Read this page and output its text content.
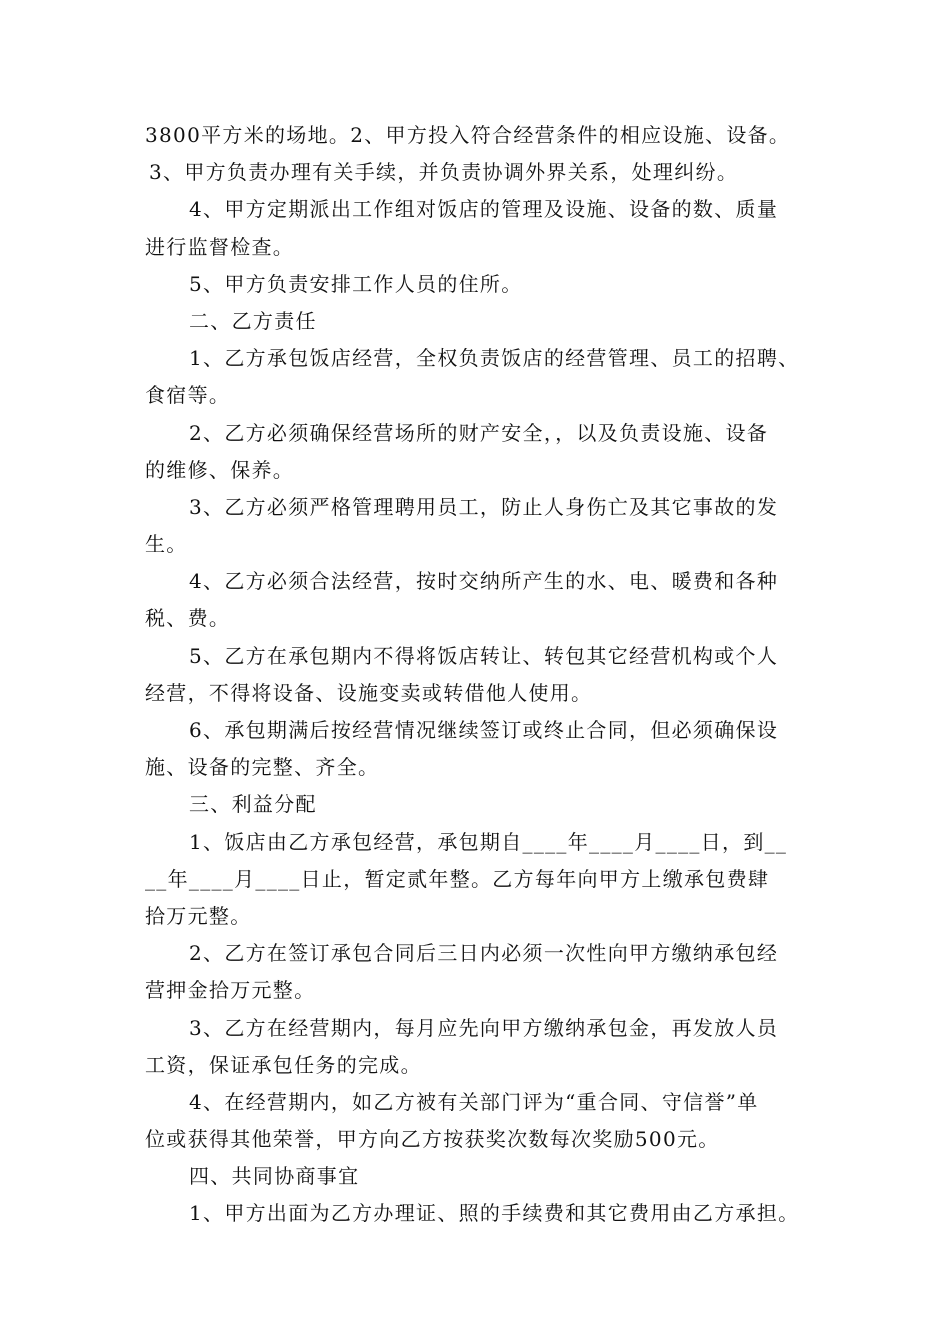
3800平方米的场地。2、甲方投入符合经营条件的相应设施、设备。
3、甲方负责办理有关手续，并负责协调外界关系，处理纠纷。
4、甲方定期派出工作组对饭店的管理及设施、设备的数、质量
进行监督检查。
5、甲方负责安排工作人员的住所。
二、乙方责任
1、乙方承包饭店经营，全权负责饭店的经营管理、员工的招聘、
食宿等。
2、乙方必须确保经营场所的财产安全，，以及负责设施、设备
的维修、保养。
3、乙方必须严格管理聘用员工，防止人身伤亡及其它事故的发
生。
4、乙方必须合法经营，按时交纳所产生的水、电、暖费和各种
税、费。
5、乙方在承包期内不得将饭店转让、转包其它经营机构或个人
经营，不得将设备、设施变卖或转借他人使用。
6、承包期满后按经营情况继续签订或终止合同，但必须确保设
施、设备的完整、齐全。
三、利益分配
1、饭店由乙方承包经营，承包期自____年____月____日，到__
__年____月____日止，暂定贰年整。乙方每年向甲方上缴承包费肆
拾万元整。
2、乙方在签订承包合同后三日内必须一次性向甲方缴纳承包经
营押金拾万元整。
3、乙方在经营期内，每月应先向甲方缴纳承包金，再发放人员
工资，保证承包任务的完成。
4、在经营期内，如乙方被有关部门评为“重合同、守信誉”单
位或获得其他荣誉，甲方向乙方按获奖次数每次奖励500元。
四、共同协商事宜
1、甲方出面为乙方办理证、照的手续费和其它费用由乙方承担。
